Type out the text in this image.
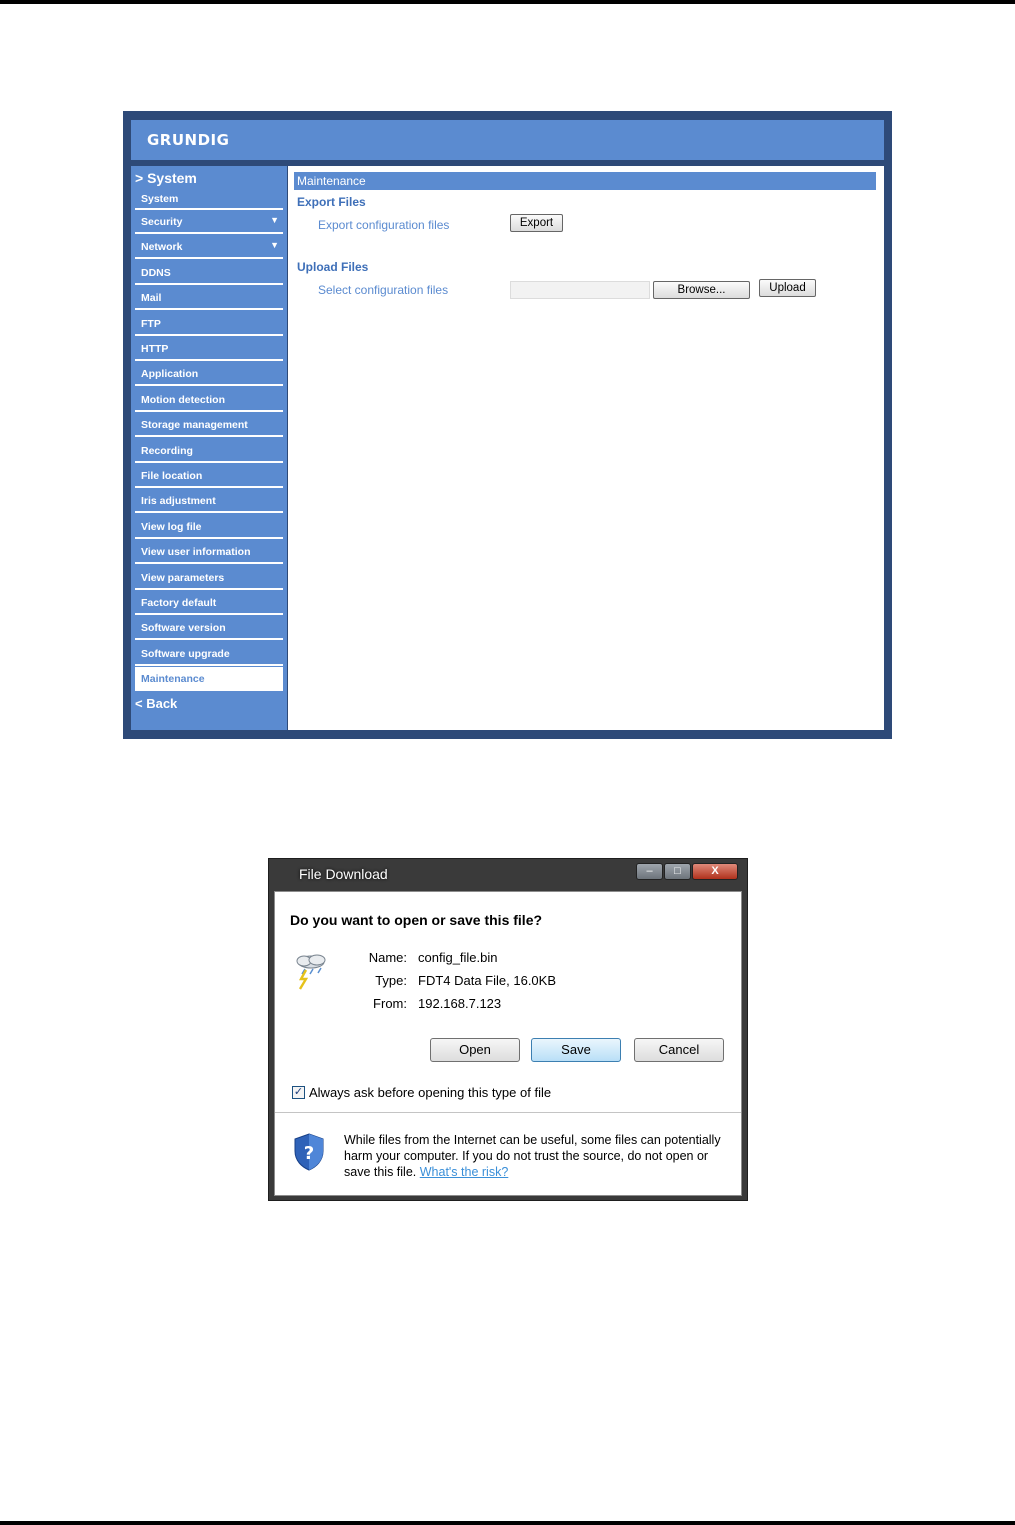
GRUNDIG
> System
System
Security	▼
Network	▼
DDNS
Mail
FTP
HTTP
Application
Motion detection
Storage management
Recording
File location
Iris adjustment
View log file
View user information
View parameters
Factory default
Software version
Software upgrade
Maintenance
< Back
Maintenance
Export Files
Export configuration files	Export
Upload Files
Select configuration files	Browse...	Upload
File Download	–	□	X
Do you want to open or save this file?
Name: config_file.bin
Type: FDT4 Data File, 16.0KB
From: 192.168.7.123
Open	Save	Cancel
✓ Always ask before opening this type of file
?
While files from the Internet can be useful, some files can potentially harm your computer. If you do not trust the source, do not open or save this file. What's the risk?
